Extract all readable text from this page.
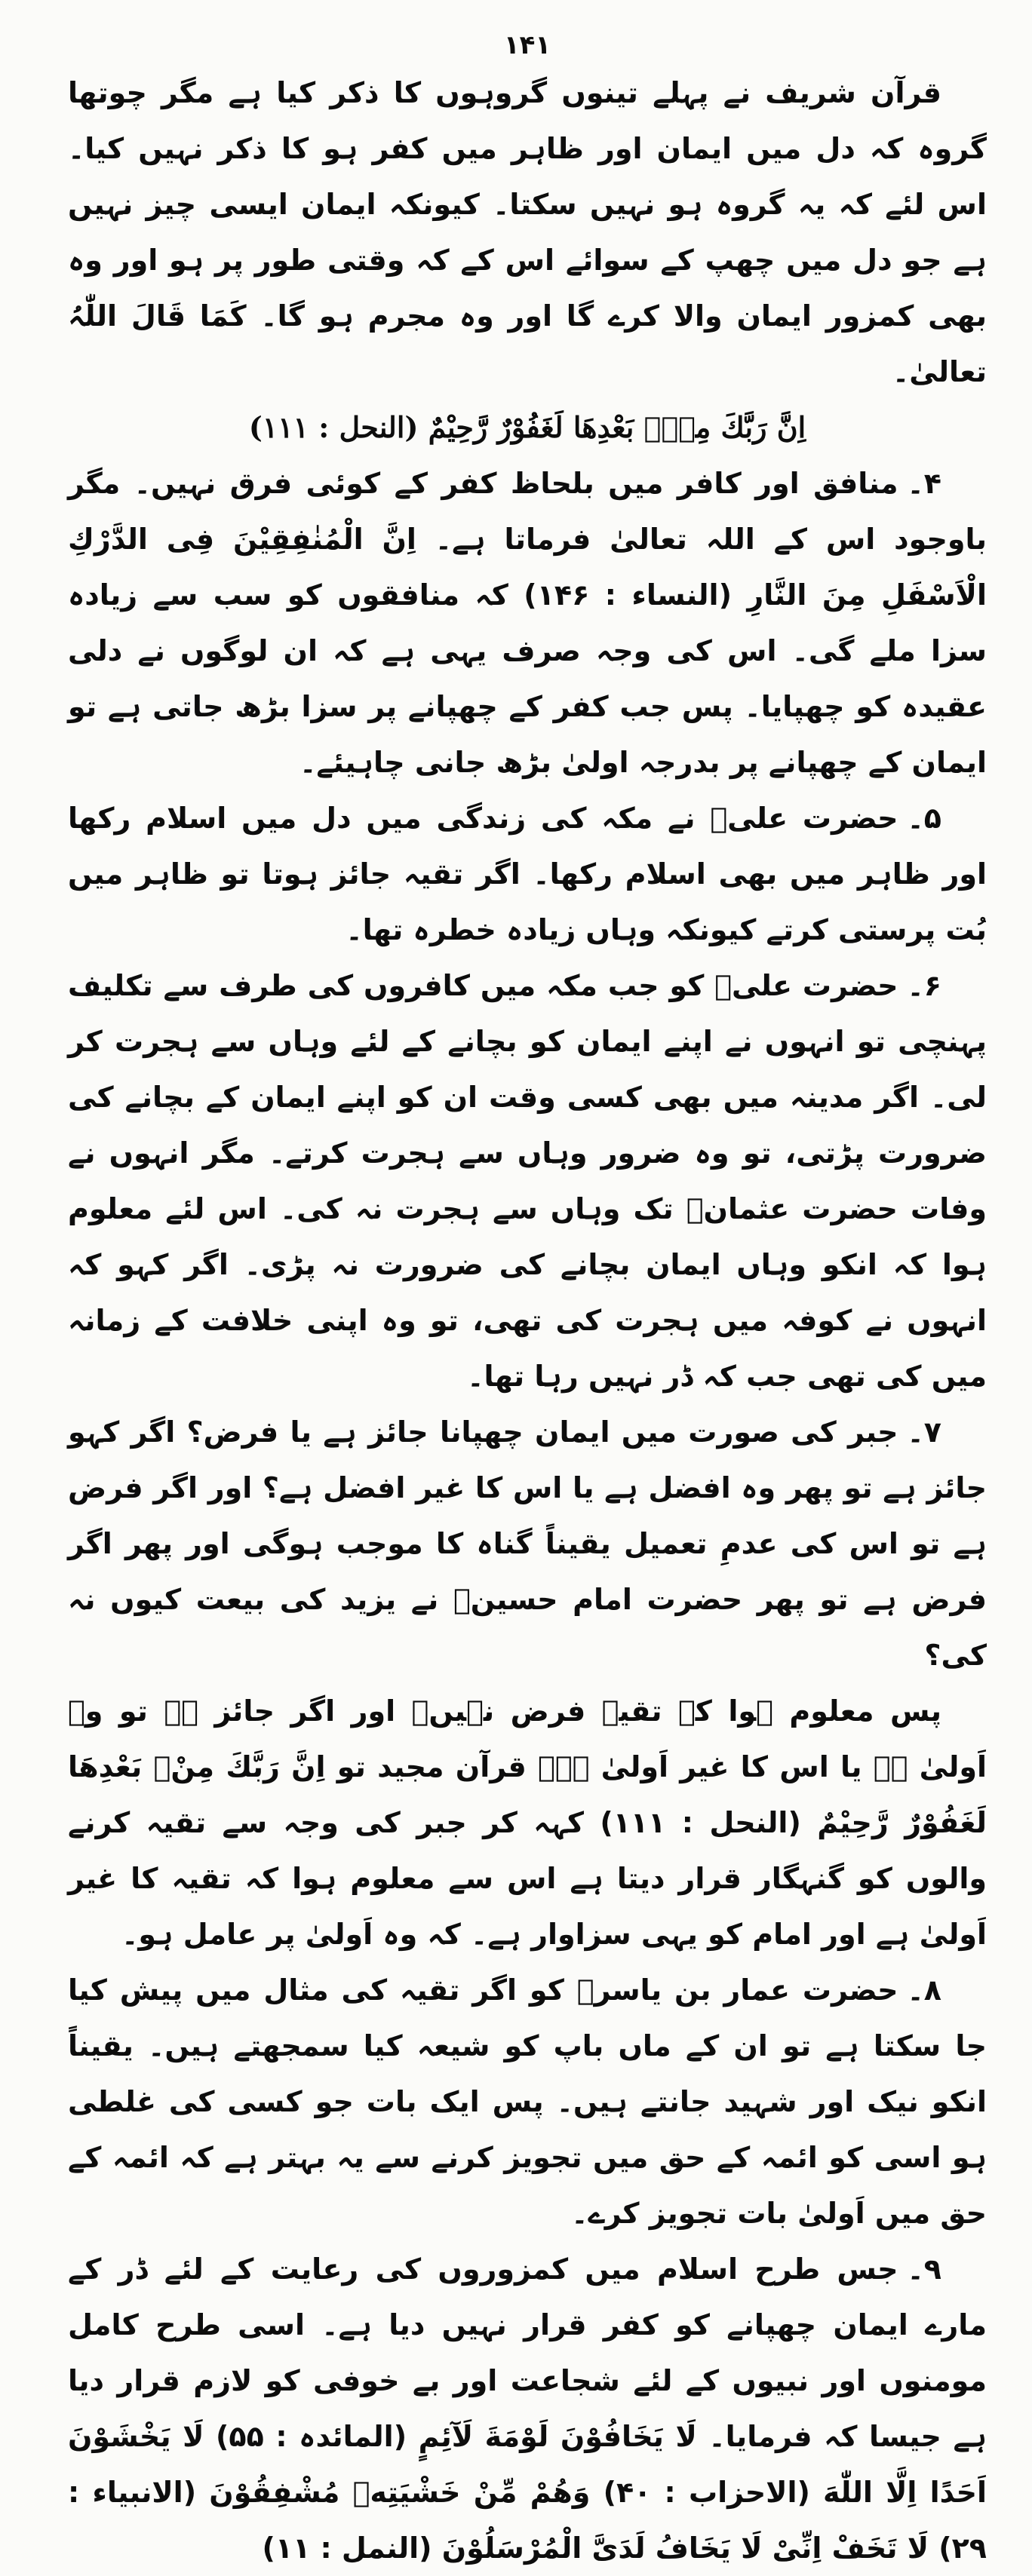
۱۴۱

قرآن شریف نے پہلے تینوں گروہوں کا ذکر کیا ہے مگر چوتھا گروہ کہ دل میں ایمان اور ظاہر میں کفر ہو کا ذکر نہیں کیا۔ اس لئے کہ یہ گروہ ہو نہیں سکتا۔ کیونکہ ایمان ایسی چیز نہیں ہے جو دل میں چھپ کے سوائے اس کے کہ وقتی طور پر ہو اور وہ بھی کمزور ایمان والا کرے گا اور وہ مجرم ہو گا۔ کَمَا قَالَ اللّٰہُ تعالیٰ۔

اِنَّ رَبَّكَ مِنْۢ بَعْدِهَا لَغَفُوْرٌ رَّحِيْمٌ (النحل : ۱۱۱)

۴۔منافق اور کافر میں بلحاظ کفر کے کوئی فرق نہیں۔ مگر باوجود اس کے اللہ تعالیٰ فرماتا ہے۔ اِنَّ الْمُنٰفِقِيْنَ فِى الدَّرْكِ الْاَسْفَلِ مِنَ النَّارِ (النساء : ۱۴۶) کہ منافقوں کو سب سے زیادہ سزا ملے گی۔ اس کی وجہ صرف یہی ہے کہ ان لوگوں نے دلی عقیدہ کو چھپایا۔ پس جب کفر کے چھپانے پر سزا بڑھ جاتی ہے تو ایمان کے چھپانے پر بدرجہ اولیٰ بڑھ جانی چاہیئے۔

۵۔حضرت علیؓ نے مکہ کی زندگی میں دل میں اسلام رکھا اور ظاہر میں بھی اسلام رکھا۔ اگر تقیہ جائز ہوتا تو ظاہر میں بُت پرستی کرتے کیونکہ وہاں زیادہ خطرہ تھا۔

۶۔حضرت علیؓ کو جب مکہ میں کافروں کی طرف سے تکلیف پہنچی تو انہوں نے اپنے ایمان کو بچانے کے لئے وہاں سے ہجرت کر لی۔ اگر مدینہ میں بھی کسی وقت ان کو اپنے ایمان کے بچانے کی ضرورت پڑتی، تو وہ ضرور وہاں سے ہجرت کرتے۔ مگر انہوں نے وفات حضرت عثمانؓ تک وہاں سے ہجرت نہ کی۔ اس لئے معلوم ہوا کہ انکو وہاں ایمان بچانے کی ضرورت نہ پڑی۔ اگر کہو کہ انہوں نے کوفہ میں ہجرت کی تھی، تو وہ اپنی خلافت کے زمانہ میں کی تھی جب کہ ڈر نہیں رہا تھا۔

۷۔جبر کی صورت میں ایمان چھپانا جائز ہے یا فرض؟ اگر کہو جائز ہے تو پھر وہ افضل ہے یا اس کا غیر افضل ہے؟ اور اگر فرض ہے تو اس کی عدمِ تعمیل یقیناً گناہ کا موجب ہوگی اور پھر اگر فرض ہے تو پھر حضرت امام حسینؓ نے یزید کی بیعت کیوں نہ کی؟

پس معلوم ہوا کہ تقیہ فرض نہیں۔ اور اگر جائز ہے تو وہ اَولیٰ ہے یا اس کا غیر اَولیٰ ہے۔ قرآن مجید تو اِنَّ رَبَّكَ مِنْۢ بَعْدِهَا لَغَفُوْرٌ رَّحِيْمٌ (النحل : ۱۱۱) کہہ کر جبر کی وجہ سے تقیہ کرنے والوں کو گنہگار قرار دیتا ہے اس سے معلوم ہوا کہ تقیہ کا غیر اَولیٰ ہے اور امام کو یہی سزاوار ہے۔ کہ وہ اَولیٰ پر عامل ہو۔

۸۔حضرت عمار بن یاسرؓ کو اگر تقیہ کی مثال میں پیش کیا جا سکتا ہے تو ان کے ماں باپ کو شیعہ کیا سمجھتے ہیں۔ یقیناً انکو نیک اور شہید جانتے ہیں۔ پس ایک بات جو کسی کی غلطی ہو اسی کو ائمہ کے حق میں تجویز کرنے سے یہ بہتر ہے کہ ائمہ کے حق میں اَولیٰ بات تجویز کرے۔

۹۔جس طرح اسلام میں کمزوروں کی رعایت کے لئے ڈر کے مارے ایمان چھپانے کو کفر قرار نہیں دیا ہے۔ اسی طرح کامل مومنوں اور نبیوں کے لئے شجاعت اور بے خوفی کو لازم قرار دیا ہے جیسا کہ فرمایا۔ لَا يَخَافُوْنَ لَوْمَةَ لَآئِمٍ (المائدہ : ۵۵) لَا يَخْشَوْنَ اَحَدًا اِلَّا اللّٰهَ (الاحزاب : ۴۰) وَهُمْ مِّنْ خَشْيَتِهٖ مُشْفِقُوْنَ (الانبیاء : ۲۹) لَا تَخَفْ اِنِّىْ لَا يَخَافُ لَدَىَّ الْمُرْسَلُوْنَ (النمل : ۱۱)
